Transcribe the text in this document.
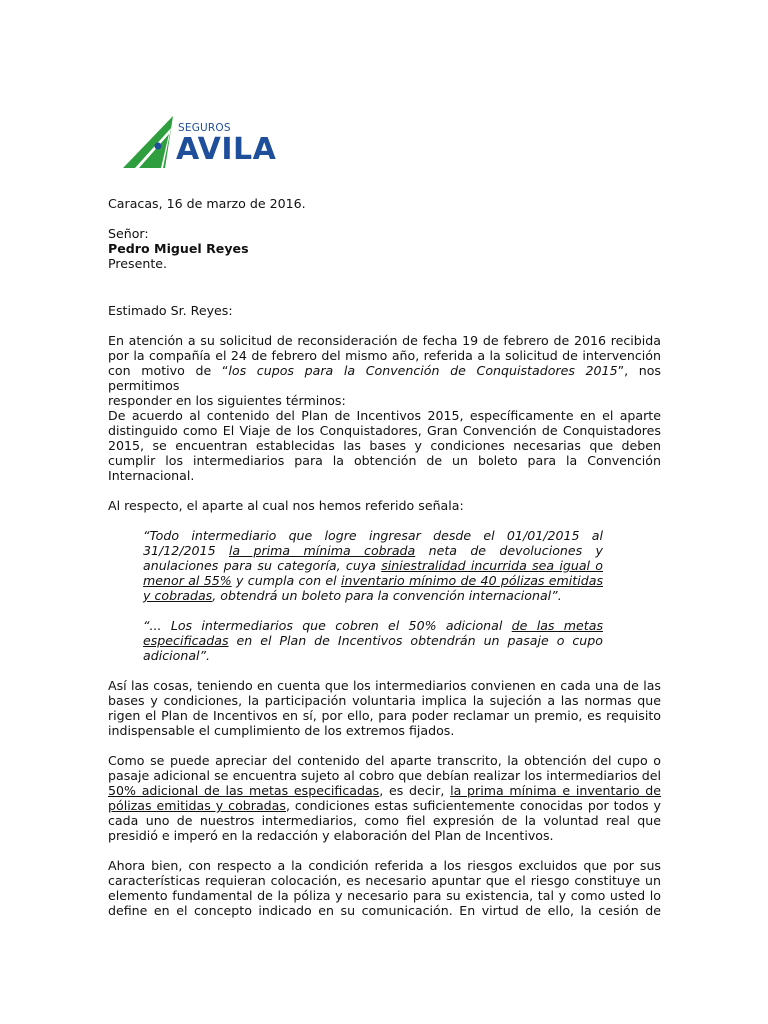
SEGUROS
AVILA

Caracas, 16 de marzo de 2016.

Señor:
Pedro Miguel Reyes
Presente.

Estimado Sr. Reyes:

En atención a su solicitud de reconsideración de fecha 19 de febrero de 2016 recibida
por la compañía el 24 de febrero del mismo año, referida a la solicitud de intervención
con motivo de “los cupos para la Convención de Conquistadores 2015”, nos permitimos
responder en los siguientes términos:
De acuerdo al contenido del Plan de Incentivos 2015, específicamente en el aparte
distinguido como El Viaje de los Conquistadores, Gran Convención de Conquistadores
2015, se encuentran establecidas las bases y condiciones necesarias que deben
cumplir los intermediarios para la obtención de un boleto para la Convención
Internacional.

Al respecto, el aparte al cual nos hemos referido señala:

“Todo intermediario que logre ingresar desde el 01/01/2015 al
31/12/2015 la prima mínima cobrada neta de devoluciones y
anulaciones para su categoría, cuya siniestralidad incurrida sea igual o
menor al 55% y cumpla con el inventario mínimo de 40 pólizas emitidas
y cobradas, obtendrá un boleto para la convención internacional”.
“... Los intermediarios que cobren el 50% adicional de las metas
especificadas en el Plan de Incentivos obtendrán un pasaje o cupo
adicional”.
Así las cosas, teniendo en cuenta que los intermediarios convienen en cada una de las
bases y condiciones, la participación voluntaria implica la sujeción a las normas que
rigen el Plan de Incentivos en sí, por ello, para poder reclamar un premio, es requisito
indispensable el cumplimiento de los extremos fijados.
Como se puede apreciar del contenido del aparte transcrito, la obtención del cupo o
pasaje adicional se encuentra sujeto al cobro que debían realizar los intermediarios del
50% adicional de las metas especificadas, es decir, la prima mínima e inventario de
pólizas emitidas y cobradas, condiciones estas suficientemente conocidas por todos y
cada uno de nuestros intermediarios, como fiel expresión de la voluntad real que
presidió e imperó en la redacción y elaboración del Plan de Incentivos.
Ahora bien, con respecto a la condición referida a los riesgos excluidos que por sus
características requieran colocación, es necesario apuntar que el riesgo constituye un
elemento fundamental de la póliza y necesario para su existencia, tal y como usted lo
define en el concepto indicado en su comunicación. En virtud de ello, la cesión de
